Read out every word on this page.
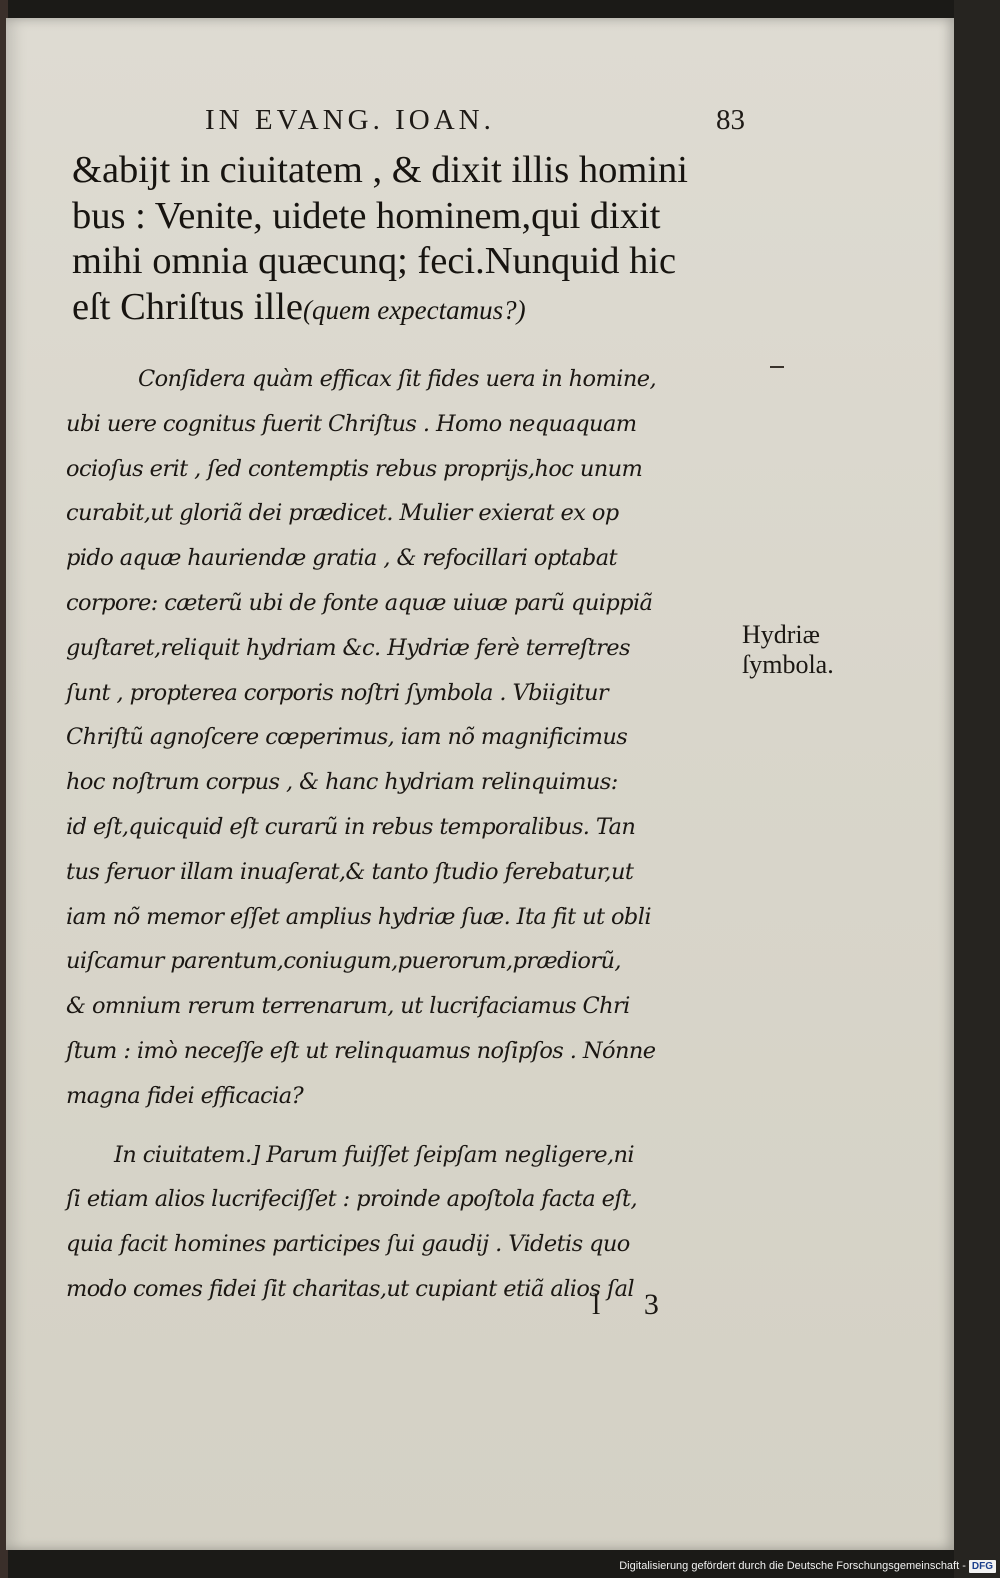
IN EVANG. IOAN.	83
&abijt in ciuitatem , & dixit illis homini
bus : Venite, uidete hominem,qui dixit
mihi omnia quæcunq; feci.Nunquid hic
eſt Chriſtus ille(quem expectamus?)
Conſidera quàm efficax ſit fides uera in homine,
ubi uere cognitus fuerit Chriſtus . Homo nequaquam
ocioſus erit , ſed contemptis rebus proprijs,hoc unum
curabit,ut gloriã dei prædicet. Mulier exierat ex op
pido aquæ hauriendæ gratia , & refocillari optabat
corpore: cæterũ ubi de fonte aquæ uiuæ parũ quippiã
guſtaret,reliquit hydriam &c. Hydriæ ferè terreſtres
ſunt , propterea corporis noſtri ſymbola . Vbiigitur
Chriſtũ agnoſcere cœperimus, iam nõ magnificimus
hoc noſtrum corpus , & hanc hydriam relinquimus:
id eſt,quicquid eſt curarũ in rebus temporalibus. Tan
tus feruor illam inuaſerat,& tanto ſtudio ferebatur,ut
iam nõ memor eſſet amplius hydriæ ſuæ. Ita fit ut obli
uiſcamur parentum,coniugum,puerorum,prædiorũ,
& omnium rerum terrenarum, ut lucrifaciamus Chri
ſtum : imò neceſſe eſt ut relinquamus noſipſos . Nónne
magna fidei efficacia?
In ciuitatem.] Parum fuiſſet ſeipſam negligere,ni
ſi etiam alios lucrifeciſſet : proinde apoſtola facta eſt,
quia facit homines participes ſui gaudij . Videtis quo
modo comes fidei ſit charitas,ut cupiant etiã alios ſal
Hydriæ
ſymbola.
l 3
Digitalisierung gefördert durch die Deutsche Forschungsgemeinschaft - DFG
